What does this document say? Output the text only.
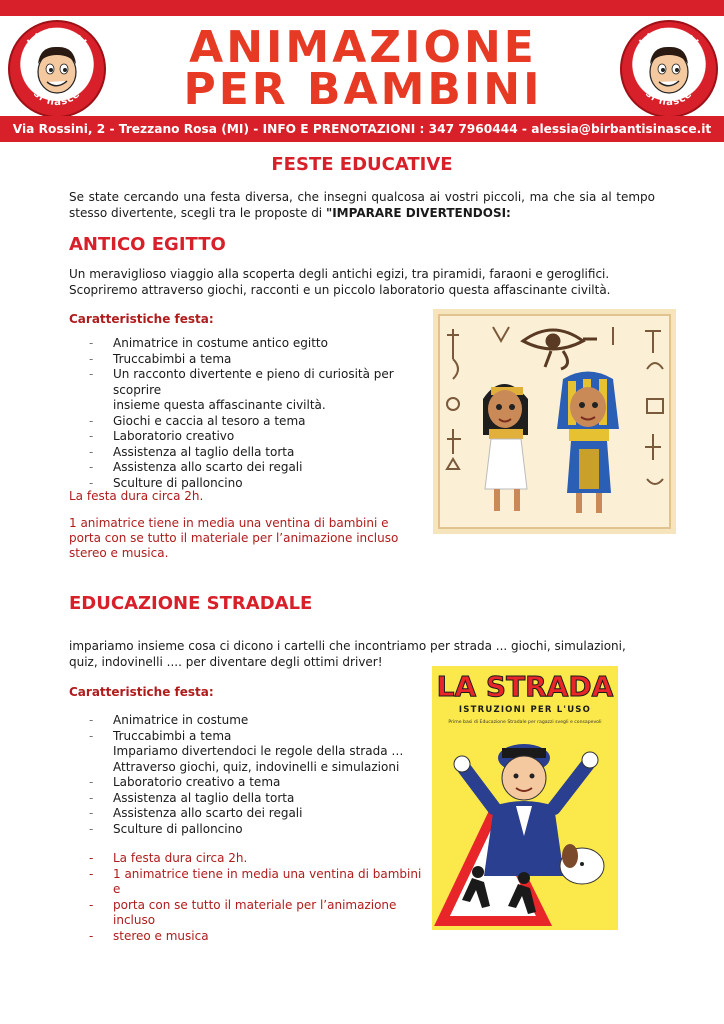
birbanti
si nasce
ANIMAZIONE
PER BAMBINI
birbanti
si nasce
Via Rossini, 2 - Trezzano Rosa (MI) - INFO E PRENOTAZIONI : 347 7960444 - alessia@birbantisinasce.it
FESTE EDUCATIVE
Se state cercando una festa diversa, che insegni qualcosa ai vostri piccoli, ma che sia al tempo stesso divertente, scegli tra le proposte di "IMPARARE DIVERTENDOSI:
ANTICO EGITTO
Un meraviglioso viaggio alla scoperta degli antichi egizi, tra piramidi, faraoni e geroglifici. Scopriremo attraverso giochi, racconti e un piccolo laboratorio questa affascinante civiltà.
Caratteristiche festa:
- Animatrice in costume antico egitto
- Truccabimbi a tema
- Un racconto divertente e pieno di curiosità per scoprire
insieme questa affascinante civiltà.
- Giochi e caccia al tesoro a tema
- Laboratorio creativo
- Assistenza al taglio della torta
- Assistenza allo scarto dei regali
- Sculture di palloncino
La festa dura circa 2h.
1 animatrice tiene in media una ventina di bambini e
porta con se tutto il materiale per l’animazione incluso
stereo e musica.
EDUCAZIONE STRADALE
impariamo insieme cosa ci dicono i cartelli che incontriamo per strada ... giochi, simulazioni, quiz, indovinelli .... per diventare degli ottimi driver!
Caratteristiche festa:
- Animatrice in costume
- Truccabimbi a tema
Impariamo divertendoci le regole della strada …
Attraverso giochi, quiz, indovinelli e simulazioni
- Laboratorio creativo a tema
- Assistenza al taglio della torta
- Assistenza allo scarto dei regali
- Sculture di palloncino
- La festa dura circa 2h.
- 1 animatrice tiene in media una ventina di bambini e
- porta con se tutto il materiale per l’animazione incluso
- stereo e musica
LA STRADA
ISTRUZIONI PER L'USO
Prime basi di Educazione Stradale per ragazzi svegli e consapevoli
